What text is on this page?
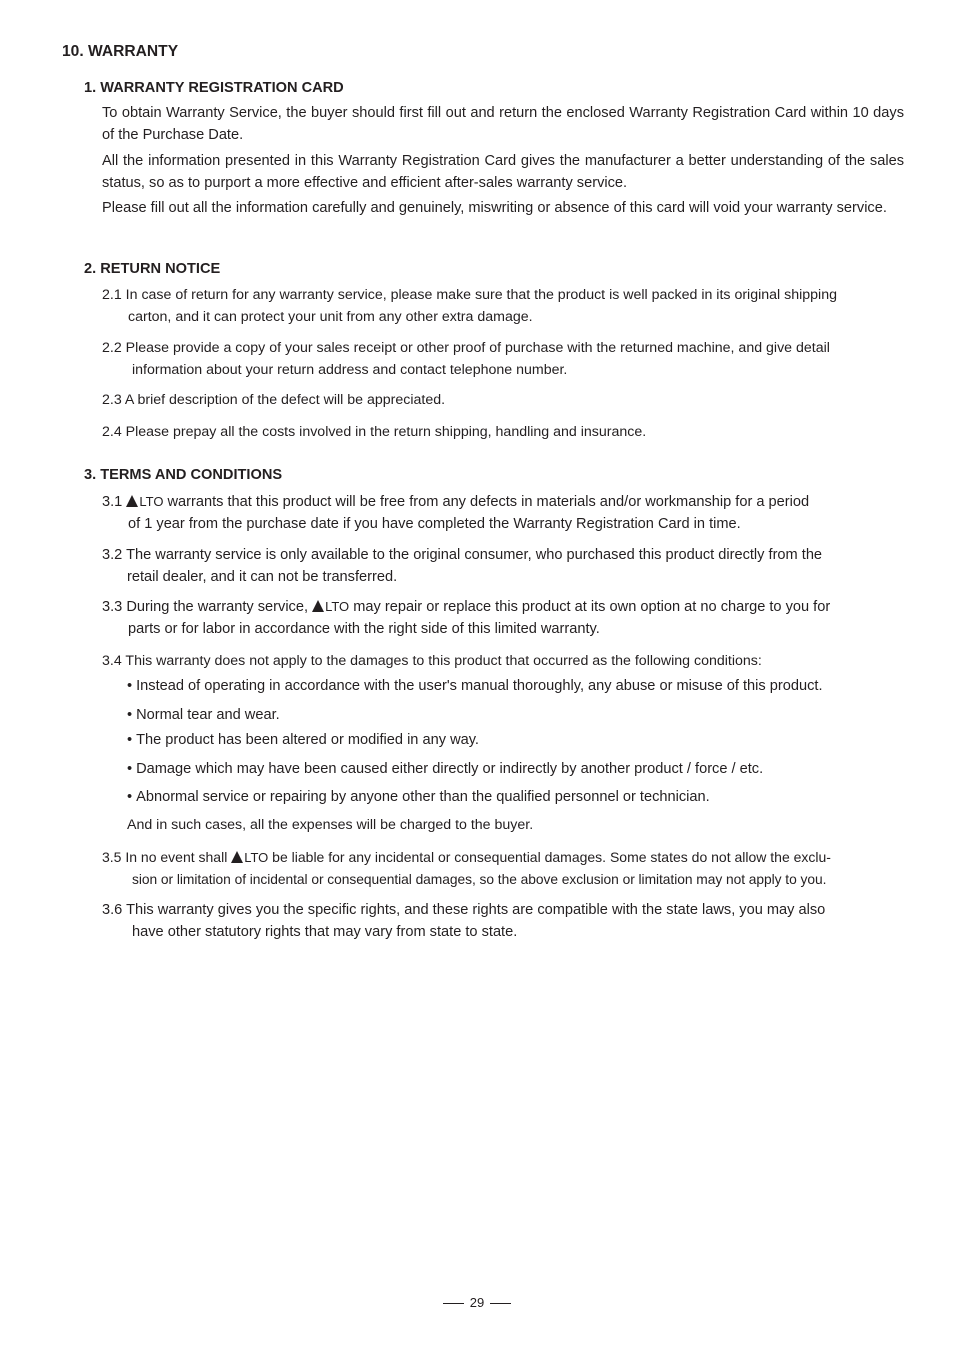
10. WARRANTY
1. WARRANTY REGISTRATION CARD

To obtain Warranty Service, the buyer should first fill out and return the enclosed Warranty Registration Card within 10 days of the Purchase Date.

All the information presented in this Warranty Registration Card gives the manufacturer a better understanding of the sales status, so as to purport a more effective and efficient after-sales warranty service.

Please fill out all the information carefully and genuinely, miswriting or absence of this card will void your warranty service.

2. RETURN NOTICE
2.1 In case of return for any warranty service, please make sure that the product is well packed in its original shipping
carton, and it can protect your unit from any other extra damage.
2.2 Please provide a copy of your sales receipt or other proof of purchase with the returned machine, and give detail
information about your return address and contact telephone number.
2.3 A brief description of the defect will be appreciated.
2.4 Please prepay all the costs involved in the return shipping, handling and insurance.
3. TERMS AND CONDITIONS
3.1 LTO warrants that this product will be free from any defects in materials and/or workmanship for a period
of 1 year from the purchase date if you have completed the Warranty Registration Card in time.
3.2 The warranty service is only available to the original consumer, who purchased this product directly from the
retail dealer, and it can not be transferred.
3.3 During the warranty service, LTO may repair or replace this product at its own option at no charge to you for
parts or for labor in accordance with the right side of this limited warranty.
3.4 This warranty does not apply to the damages to this product that occurred as the following conditions:

• Instead of operating in accordance with the user's manual thoroughly, any abuse or misuse of this product.

• Normal tear and wear.

• The product has been altered or modified in any way.

• Damage which may have been caused either directly or indirectly by another product / force / etc.

• Abnormal service or repairing by anyone other than the qualified personnel or technician.

And in such cases, all the expenses will be charged to the buyer.

3.5 In no event shall LTO be liable for any incidental or consequential damages. Some states do not allow the exclu-
sion or limitation of incidental or consequential damages, so the above exclusion or limitation may not apply to you.
3.6 This warranty gives you the specific rights, and these rights are compatible with the state laws, you may also
have other statutory rights that may vary from state to state.
29
